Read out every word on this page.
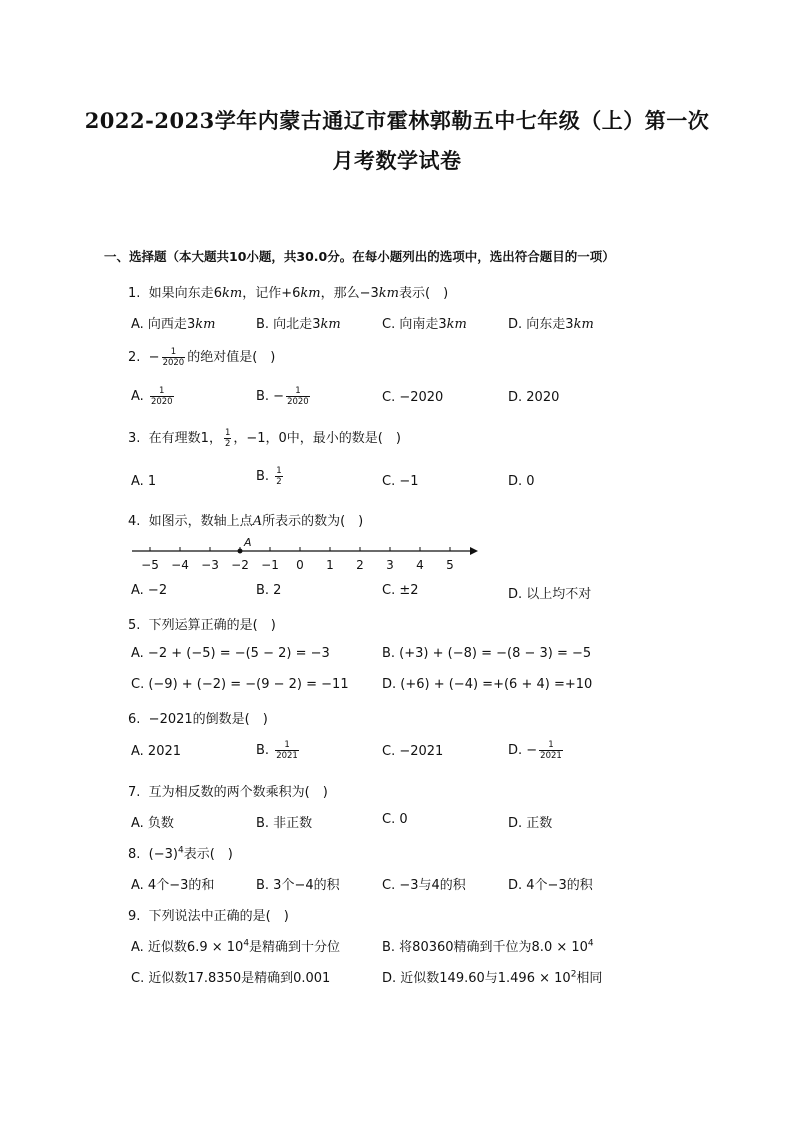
2022-2023学年内蒙古通辽市霍林郭勒五中七年级（上）第一次
月考数学试卷
一、选择题（本大题共10小题，共30.0分。在每小题列出的选项中，选出符合题目的一项）
1. 如果向东走6km，记作+6km，那么−3km表示(　)
A. 向西走3km	B. 向北走3km	C. 向南走3km	D. 向东走3km
2. − $\frac{1}{2020}$ 的绝对值是(　)
A. $\frac{1}{2020}$	B. − $\frac{1}{2020}$	C. −2020	D. 2020
3. 在有理数1， $\frac{1}{2}$ ，−1，0中，最小的数是(　)
A. 1	B. $\frac{1}{2}$	C. −1	D. 0
4. 如图示，数轴上点A所表示的数为(　)
−5 −4 −3 −2 −1 0 1 2 3 4 5
A
A. −2	B. 2	C. ±2	D. 以上均不对
5. 下列运算正确的是(　)
A. −2 + (−5) = −(5 − 2) = −3	B. (+3) + (−8) = −(8 − 3) = −5
C. (−9) + (−2) = −(9 − 2) = −11	D. (+6) + (−4) =+(6 + 4) =+10
6. −2021的倒数是(　)
A. 2021	B. $\frac{1}{2021}$	C. −2021	D. − $\frac{1}{2021}$
7. 互为相反数的两个数乘积为(　)
A. 负数	B. 非正数	C. 0	D. 正数
8. $(-3)^4$表示(　)
A. 4个−3的和	B. 3个−4的积	C. −3与4的积	D. 4个−3的积
9. 下列说法中正确的是(　)
A. 近似数$6.9 \times 10^4$是精确到十分位	B. 将80360精确到千位为$8.0 \times 10^4$
C. 近似数17.8350是精确到0.001	D. 近似数149.60与$1.496 \times 10^2$相同
